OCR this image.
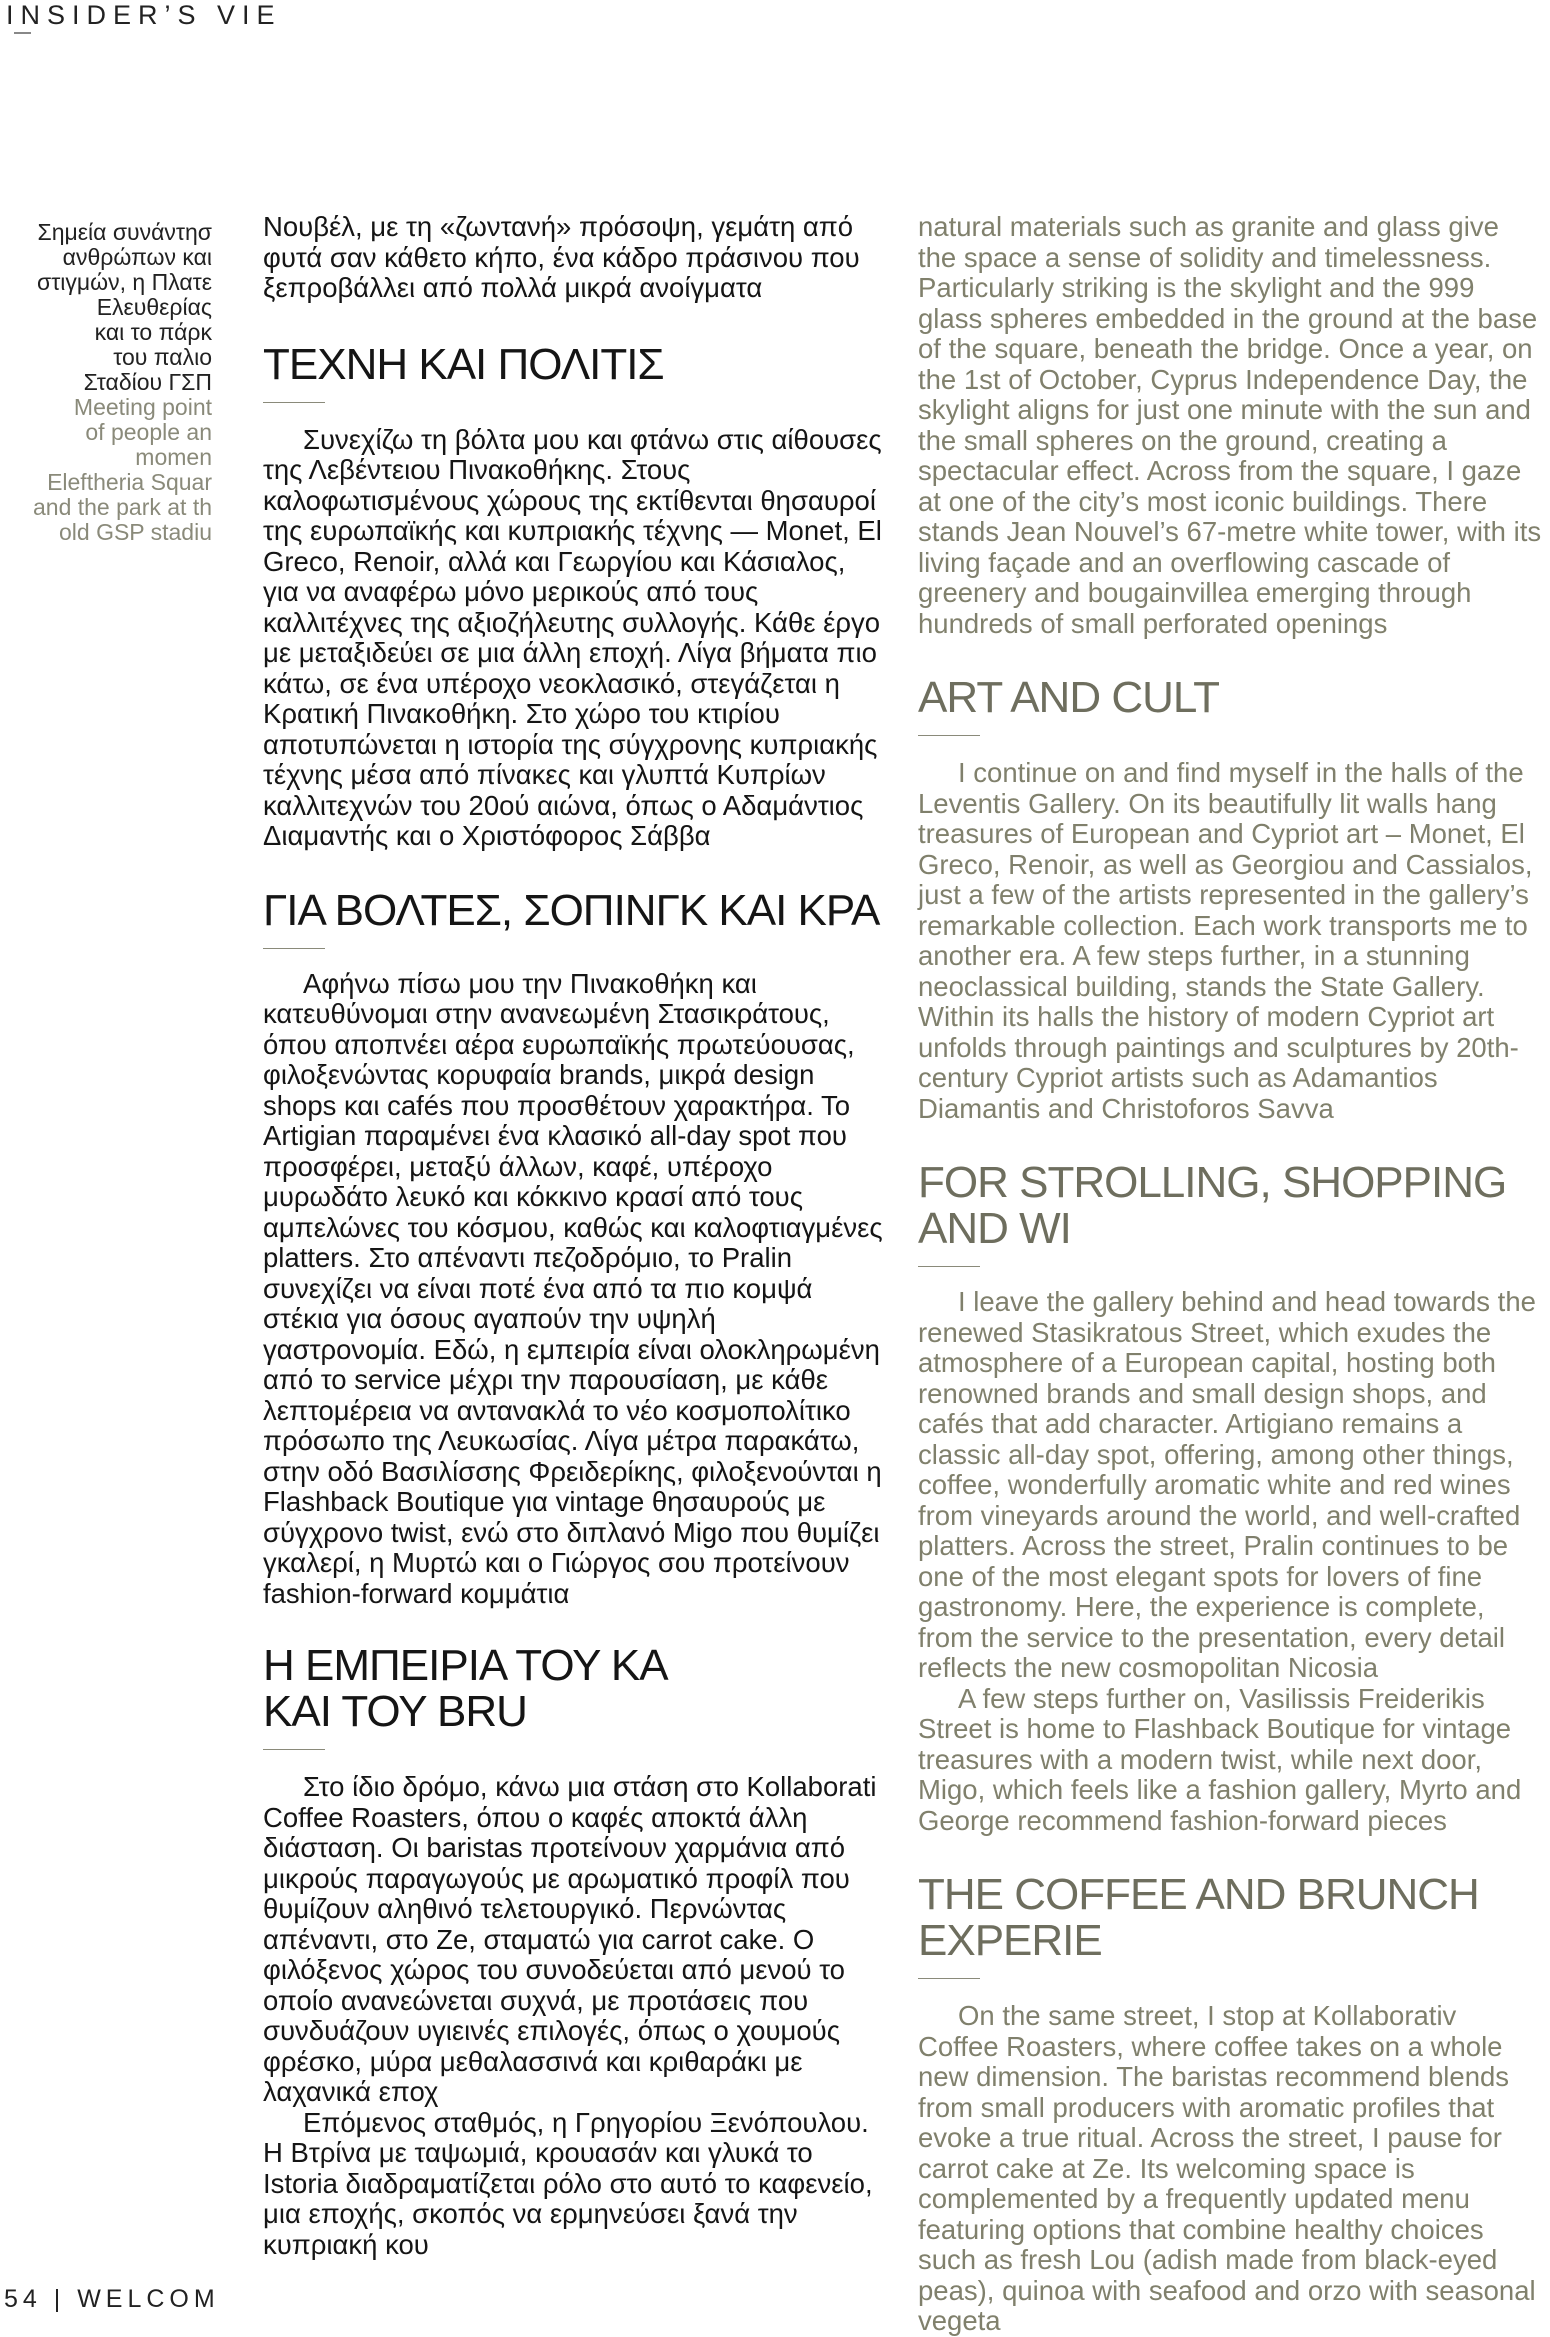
INSIDER’S VIE

Σημεία συνάντησ

ανθρώπων και

στιγμών, η Πλατε

Ελευθερίας

και το πάρκ

του παλιο

Σταδίου ΓΣΠ

Meeting point

of people an

momen

Eleftheria Squar

and the park at th

old GSP stadiu

Νουβέλ, με τη «ζωντανή» πρόσοψη, γεμάτη από φυτά σαν κάθετο κήπο, ένα κάδρο πράσινου που ξεπροβάλλει από πολλά μικρά ανοίγματα

ΤΕΧΝΗ ΚΑΙ ΠΟΛΙΤΙΣ

Συνεχίζω τη βόλτα μου και φτάνω στις αίθουσες της Λεβέντειου Πινακοθήκης. Στους καλοφωτισμένους χώρους της εκτίθενται θησαυροί της ευρωπαϊκής και κυπριακής τέχνης — Monet, El Greco, Renoir, αλλά και Γεωργίου και Κάσιαλος, για να αναφέρω μόνο μερικούς από τους καλλιτέχνες της αξιοζήλευτης συλλογής. Κάθε έργο με μεταξιδεύει σε μια άλλη εποχή. Λίγα βήματα πιο κάτω, σε ένα υπέροχο νεοκλασικό, στεγάζεται η Κρατική Πινακοθήκη. Στο χώρο του κτιρίου αποτυπώνεται η ιστορία της σύγχρονης κυπριακής τέχνης μέσα από πίνακες και γλυπτά Κυπρίων καλλιτεχνών του 20ού αιώνα, όπως ο Αδαμάντιος Διαμαντής και ο Χριστόφορος Σάββα

ΓΙΑ ΒΟΛΤΕΣ, ΣΟΠΙΝΓΚ ΚΑΙ ΚΡΑ

Αφήνω πίσω μου την Πινακοθήκη και κατευθύνομαι στην ανανεωμένη Στασικράτους, όπου αποπνέει αέρα ευρωπαϊκής πρωτεύουσας, φιλοξενώντας κορυφαία brands, μικρά design shops και cafés που προσθέτουν χαρακτήρα. Το Artigian παραμένει ένα κλασικό all-day spot που προσφέρει, μεταξύ άλλων, καφέ, υπέροχο μυρωδάτο λευκό και κόκκινο κρασί από τους αμπελώνες του κόσμου, καθώς και καλοφτιαγμένες platters. Στο απέναντι πεζοδρόμιο, το Pralin συνεχίζει να είναι ποτέ ένα από τα πιο κομψά στέκια για όσους αγαπούν την υψηλή γαστρονομία. Εδώ, η εμπειρία είναι ολοκληρωμένη από το service μέχρι την παρουσίαση, με κάθε λεπτομέρεια να αντανακλά το νέο κοσμοπολίτικο πρόσωπο της Λευκωσίας. Λίγα μέτρα παρακάτω, στην οδό Βασιλίσσης Φρειδερίκης, φιλοξενούνται η Flashback Boutique για vintage θησαυρούς με σύγχρονο twist, ενώ στο διπλανό Migo που θυμίζει γκαλερί, η Μυρτώ και ο Γιώργος σου προτείνουν fashion-forward κομμάτια

Η ΕΜΠΕΙΡΙΑ ΤΟΥ ΚΑ
ΚΑΙ ΤΟΥ BRU

Στο ίδιο δρόμο, κάνω μια στάση στο Kollaborati Coffee Roasters, όπου ο καφές αποκτά άλλη διάσταση. Οι baristas προτείνουν χαρμάνια από μικρούς παραγωγούς με αρωματικό προφίλ που θυμίζουν αληθινό τελετουργικό. Περνώντας απέναντι, στο Ze, σταματώ για carrot cake. Ο φιλόξενος χώρος του συνοδεύεται από μενού το οποίο ανανεώνεται συχνά, με προτάσεις που συνδυάζουν υγιεινές επιλογές, όπως ο χουμούς φρέσκο, μύρα μεθαλασσινά και κριθαράκι με λαχανικά εποχ

Επόμενος σταθμός, η Γρηγορίου Ξενόπουλου. Η Βτρίνα με ταψωμιά, κρουασάν και γλυκά το Istoria διαδραματίζεται ρόλο στο αυτό το καφενείο, μια εποχής, σκοπός να ερμηνεύσει ξανά την κυπριακή κου

natural materials such as granite and glass give the space a sense of solidity and timelessness. Particularly striking is the skylight and the 999 glass spheres embedded in the ground at the base of the square, beneath the bridge. Once a year, on the 1st of October, Cyprus Independence Day, the skylight aligns for just one minute with the sun and the small spheres on the ground, creating a spectacular effect. Across from the square, I gaze at one of the city’s most iconic buildings. There stands Jean Nouvel’s 67-metre white tower, with its living façade and an overflowing cascade of greenery and bougainvillea emerging through hundreds of small perforated openings

ART AND CULT

I continue on and find myself in the halls of the Leventis Gallery. On its beautifully lit walls hang treasures of European and Cypriot art – Monet, El Greco, Renoir, as well as Georgiou and Cassialos, just a few of the artists represented in the gallery’s remarkable collection. Each work transports me to another era. A few steps further, in a stunning neoclassical building, stands the State Gallery. Within its halls the history of modern Cypriot art unfolds through paintings and sculptures by 20th-century Cypriot artists such as Adamantios Diamantis and Christoforos Savva

FOR STROLLING, SHOPPING AND WI

I leave the gallery behind and head towards the renewed Stasikratous Street, which exudes the atmosphere of a European capital, hosting both renowned brands and small design shops, and cafés that add character. Artigiano remains a classic all-day spot, offering, among other things, coffee, wonderfully aromatic white and red wines from vineyards around the world, and well-crafted platters. Across the street, Pralin continues to be one of the most elegant spots for lovers of fine gastronomy. Here, the experience is complete, from the service to the presentation, every detail reflects the new cosmopolitan Nicosia

A few steps further on, Vasilissis Freiderikis Street is home to Flashback Boutique for vintage treasures with a modern twist, while next door, Migo, which feels like a fashion gallery, Myrto and George recommend fashion-forward pieces

THE COFFEE AND BRUNCH EXPERIE

On the same street, I stop at Kollaborativ Coffee Roasters, where coffee takes on a whole new dimension. The baristas recommend blends from small producers with aromatic profiles that evoke a true ritual. Across the street, I pause for carrot cake at Ze. Its welcoming space is complemented by a frequently updated menu featuring options that combine healthy choices such as fresh Lou (adish made from black-eyed peas), quinoa with seafood and orzo with seasonal vegeta

54 | WELCOM
